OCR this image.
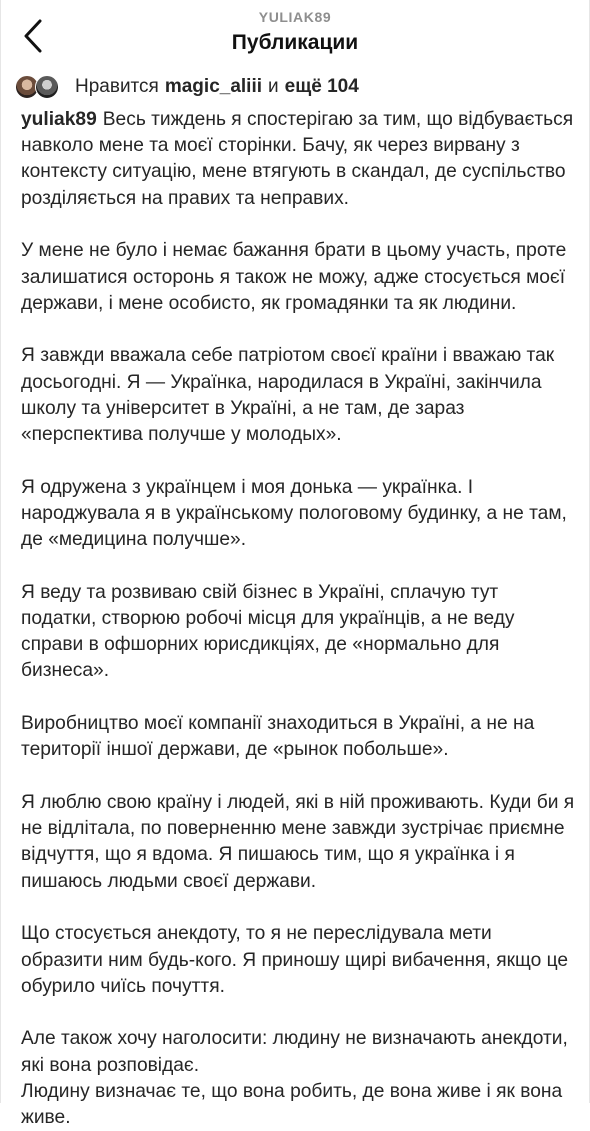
YULIAK89
Публикации
Нравится magic_aliii и ещё 104

yuliak89 Весь тиждень я спостерігаю за тим, що відбувається навколо мене та моєї сторінки. Бачу, як через вирвану з контексту ситуацію, мене втягують в скандал, де суспільство розділяється на правих та неправих.

У мене не було і немає бажання брати в цьому участь, проте залишатися осторонь я також не можу, адже стосується моєї держави, і мене особисто, як громадянки та як людини.

Я завжди вважала себе патріотом своєї країни і вважаю так досьогодні. Я — Українка, народилася в Україні, закінчила школу та університет в Україні, а не там, де зараз «перспектива получше у молодых».

Я одружена з українцем і моя донька — українка. І народжувала я в українському пологовому будинку, а не там, де «медицина получше».

Я веду та розвиваю свій бізнес в Україні, сплачую тут податки, створюю робочі місця для українців, а не веду справи в офшорних юрисдикціях, де «нормально для бизнеса».

Виробництво моєї компанії знаходиться в Україні, а не на території іншої держави, де «рынок побольше».

Я люблю свою країну і людей, які в ній проживають. Куди би я не відлітала, по поверненню мене завжди зустрічає приємне відчуття, що я вдома. Я пишаюсь тим, що я українка і я пишаюсь людьми своєї держави.

Що стосується анекдоту, то я не переслідувала мети образити ним будь-кого. Я приношу щирі вибачення, якщо це обурило чиїсь почуття.

Але також хочу наголосити: людину не визначають анекдоти, які вона розповідає.

Людину визначає те, що вона робить, де вона живе і як вона живе.
